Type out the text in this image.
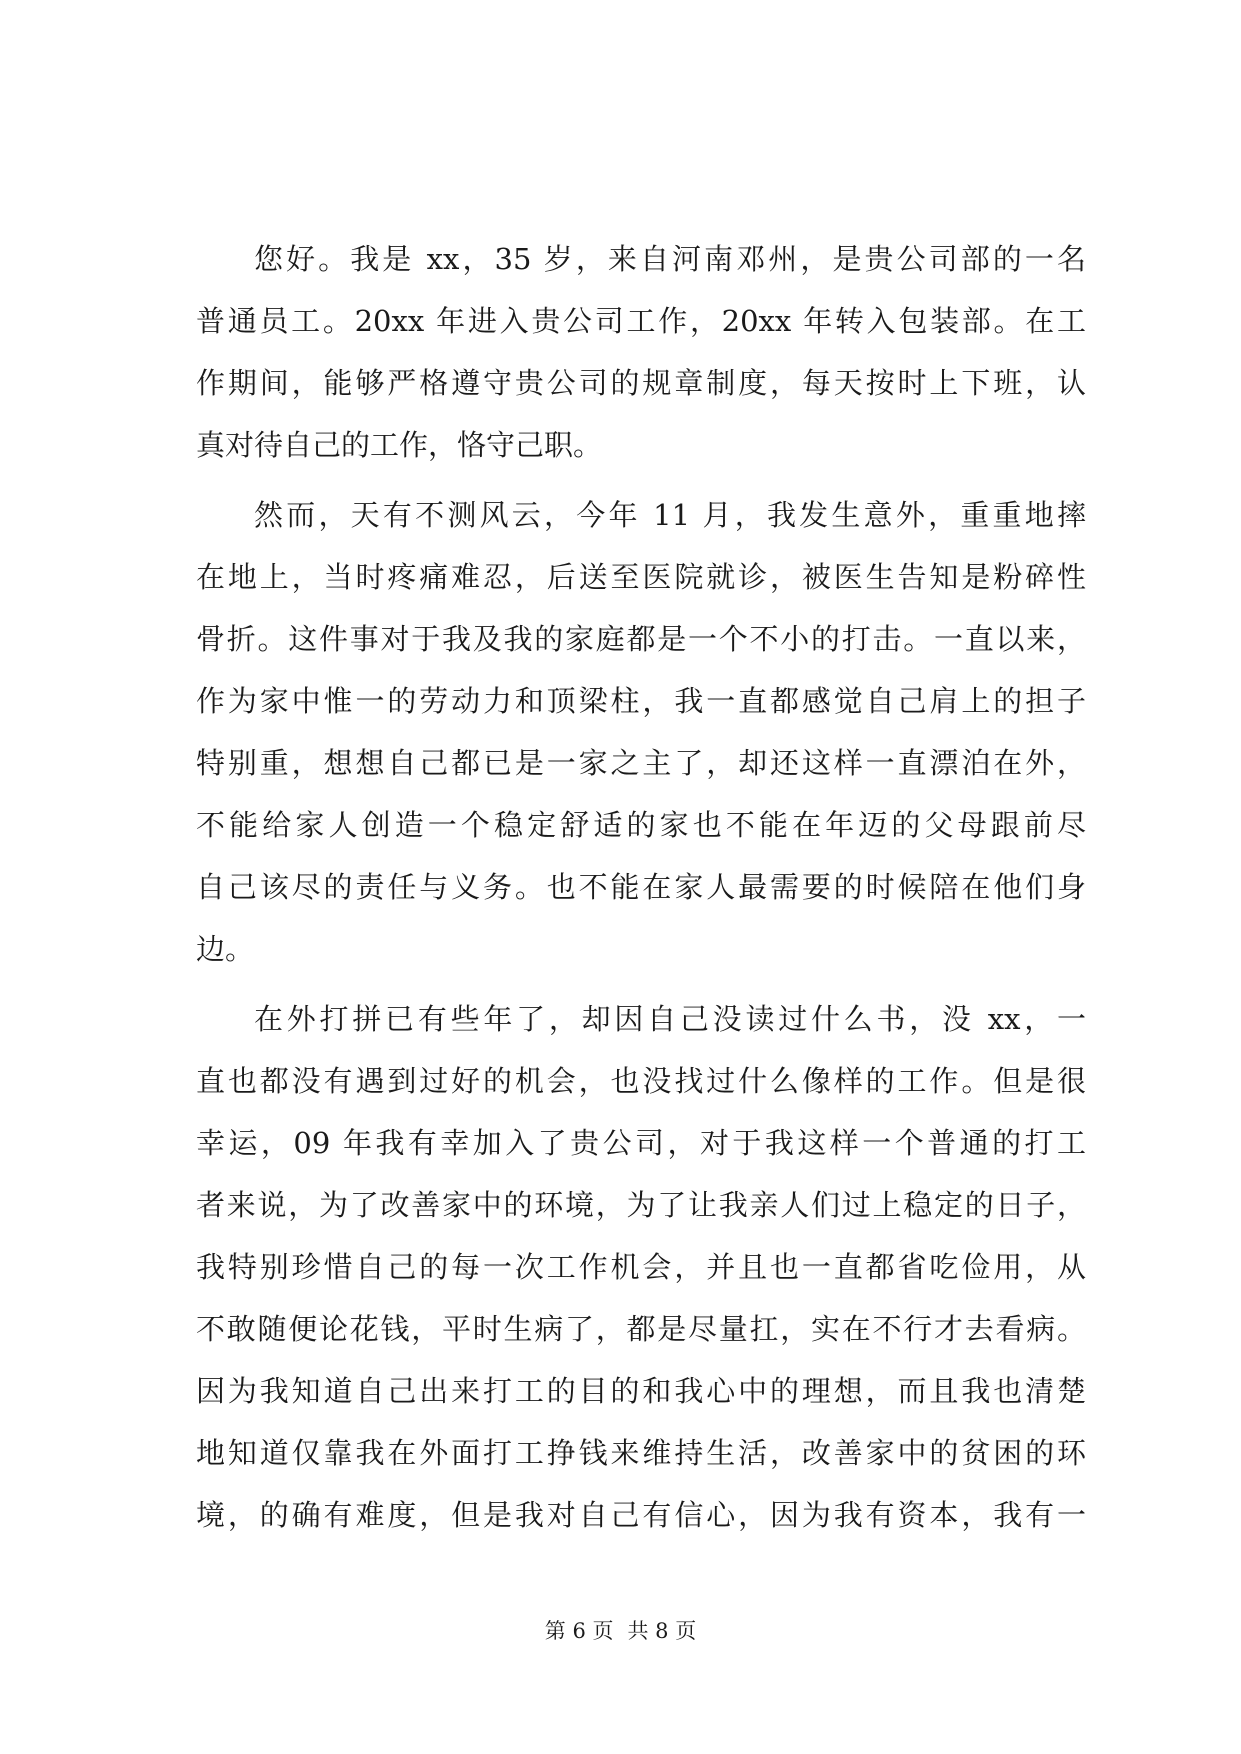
您好。我是 xx，35 岁，来自河南邓州，是贵公司部的一名
普通员工。20xx 年进入贵公司工作，20xx 年转入包装部。在工
作期间，能够严格遵守贵公司的规章制度，每天按时上下班，认
真对待自己的工作，恪守己职。
然而，天有不测风云，今年 11 月，我发生意外，重重地摔
在地上，当时疼痛难忍，后送至医院就诊，被医生告知是粉碎性
骨折。这件事对于我及我的家庭都是一个不小的打击。一直以来，
作为家中惟一的劳动力和顶梁柱，我一直都感觉自己肩上的担子
特别重，想想自己都已是一家之主了，却还这样一直漂泊在外，
不能给家人创造一个稳定舒适的家也不能在年迈的父母跟前尽
自己该尽的责任与义务。也不能在家人最需要的时候陪在他们身
边。
在外打拼已有些年了，却因自己没读过什么书，没 xx，一
直也都没有遇到过好的机会，也没找过什么像样的工作。但是很
幸运，09 年我有幸加入了贵公司，对于我这样一个普通的打工
者来说，为了改善家中的环境，为了让我亲人们过上稳定的日子，
我特别珍惜自己的每一次工作机会，并且也一直都省吃俭用，从
不敢随便论花钱，平时生病了，都是尽量扛，实在不行才去看病。
因为我知道自己出来打工的目的和我心中的理想，而且我也清楚
地知道仅靠我在外面打工挣钱来维持生活，改善家中的贫困的环
境，的确有难度，但是我对自己有信心，因为我有资本，我有一
第 6 页 共 8 页
